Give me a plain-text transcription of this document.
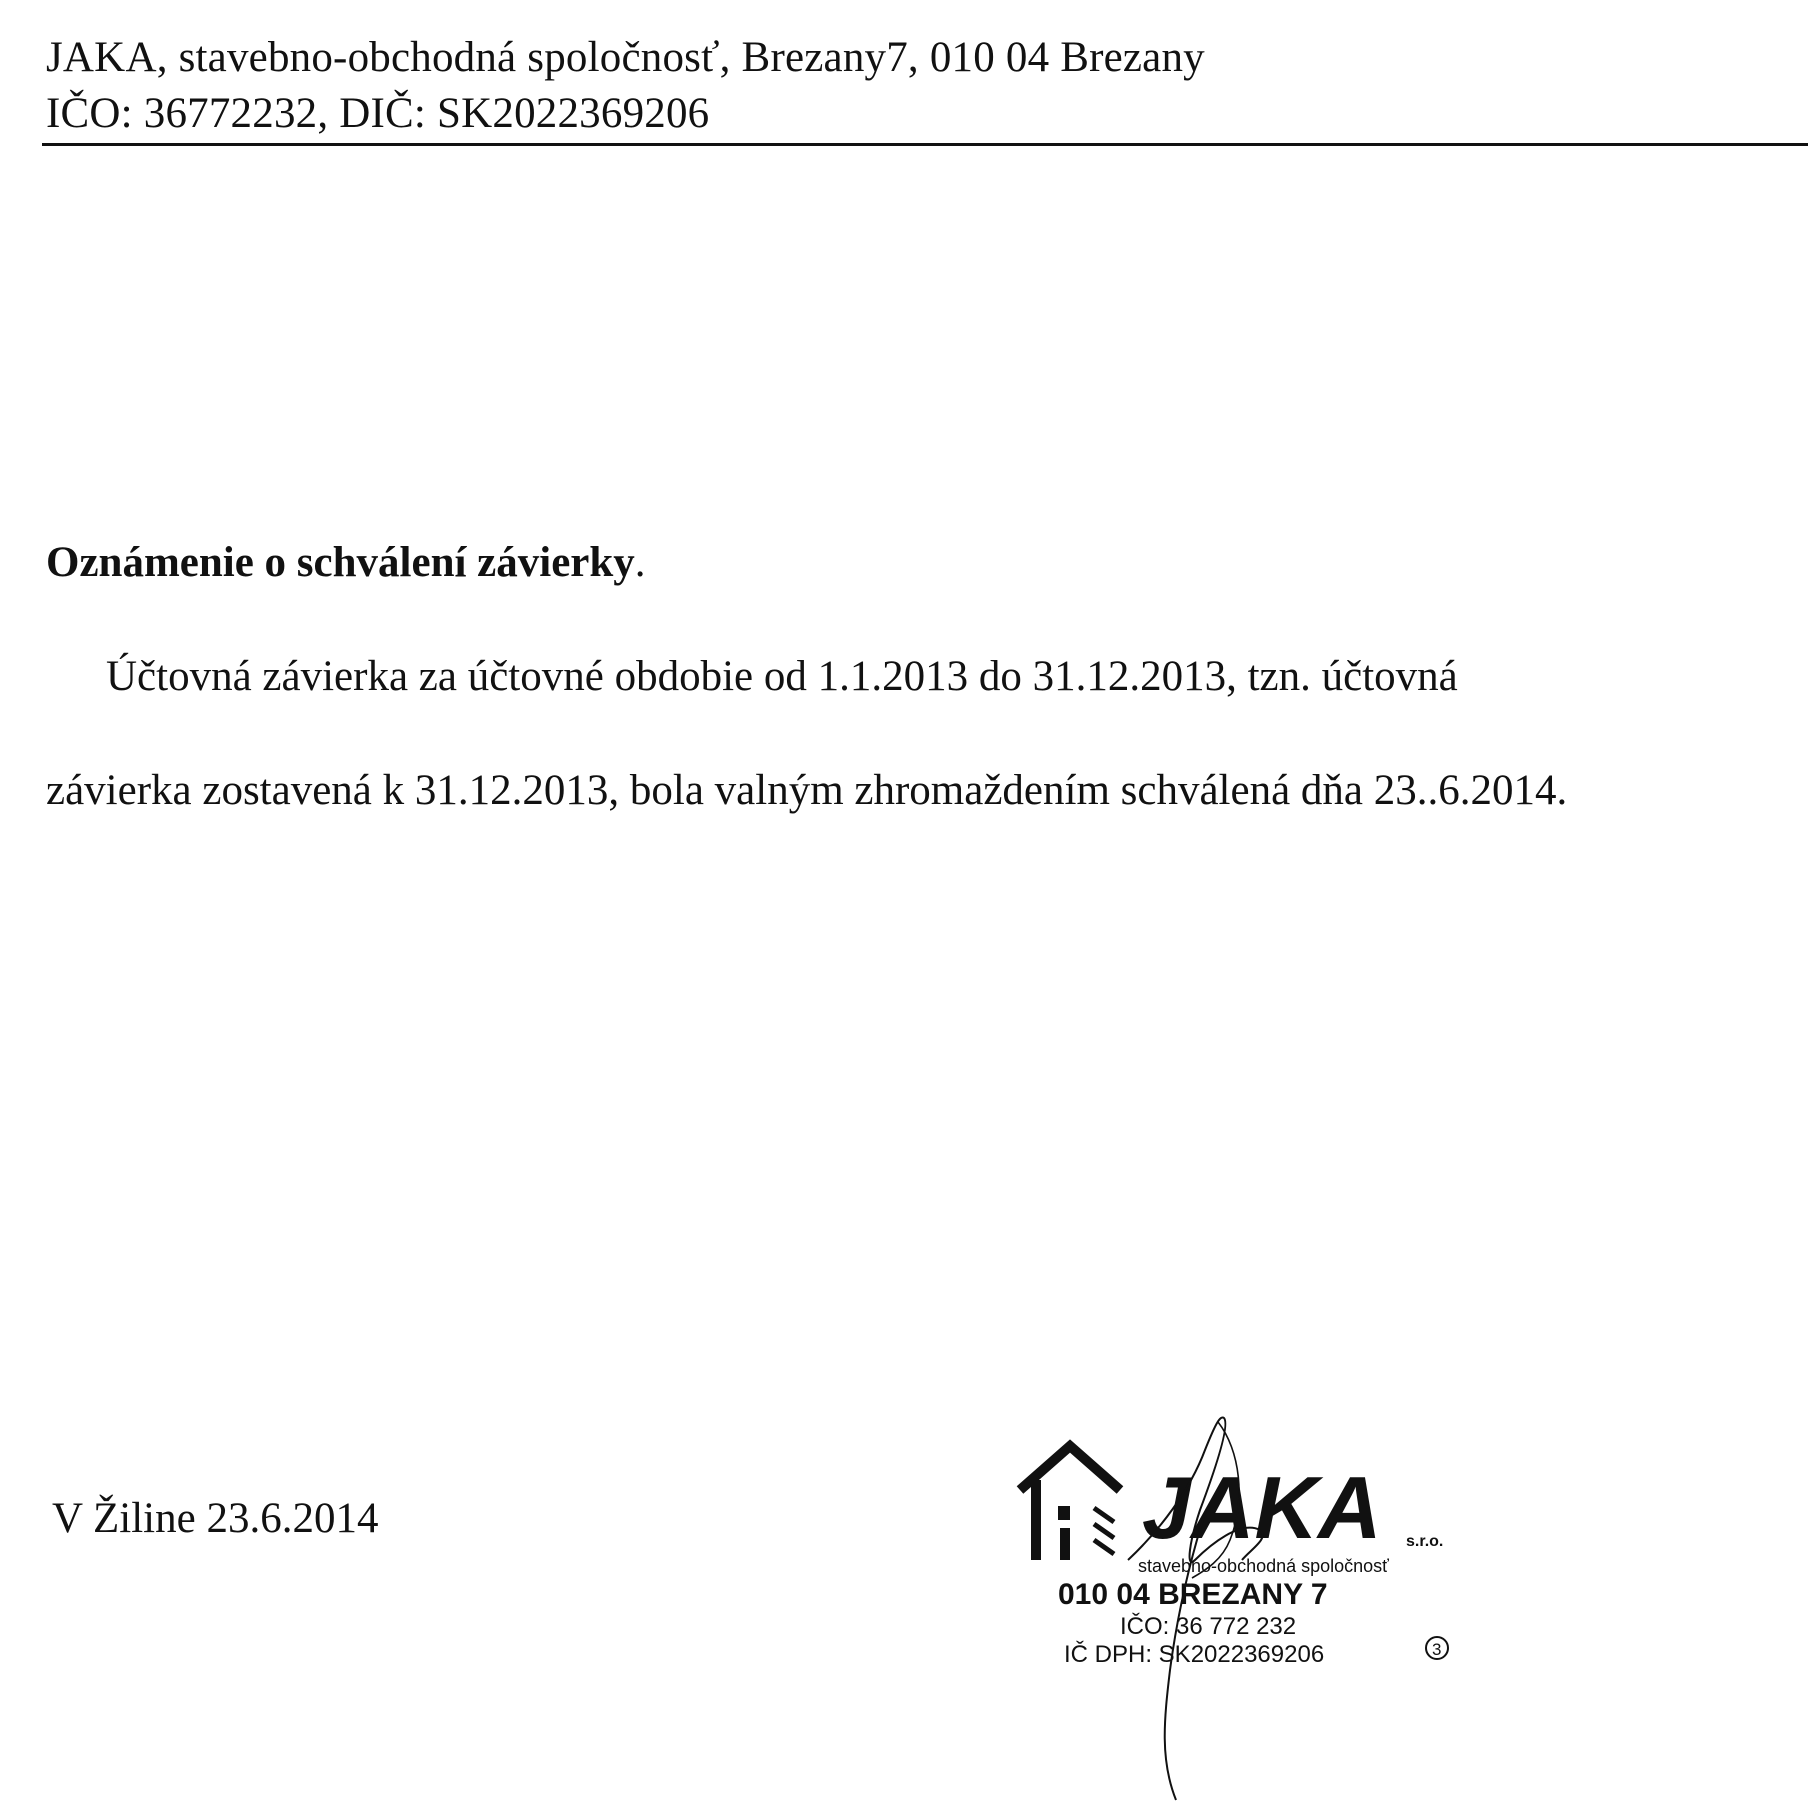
JAKA, stavebno-obchodná spoločnosť, Brezany7, 010 04 Brezany
IČO: 36772232, DIČ: SK2022369206
Oznámenie o schválení závierky.
Účtovná závierka za účtovné obdobie od 1.1.2013 do 31.12.2013, tzn. účtovná
závierka zostavená k 31.12.2013, bola valným zhromaždením schválená dňa 23..6.2014.
V Žiline 23.6.2014	JAKA s.r.o.
stavebno-obchodná spoločnosť
010 04 BREZANY 7
IČO: 36 772 232
IČ DPH: SK2022369206	3
